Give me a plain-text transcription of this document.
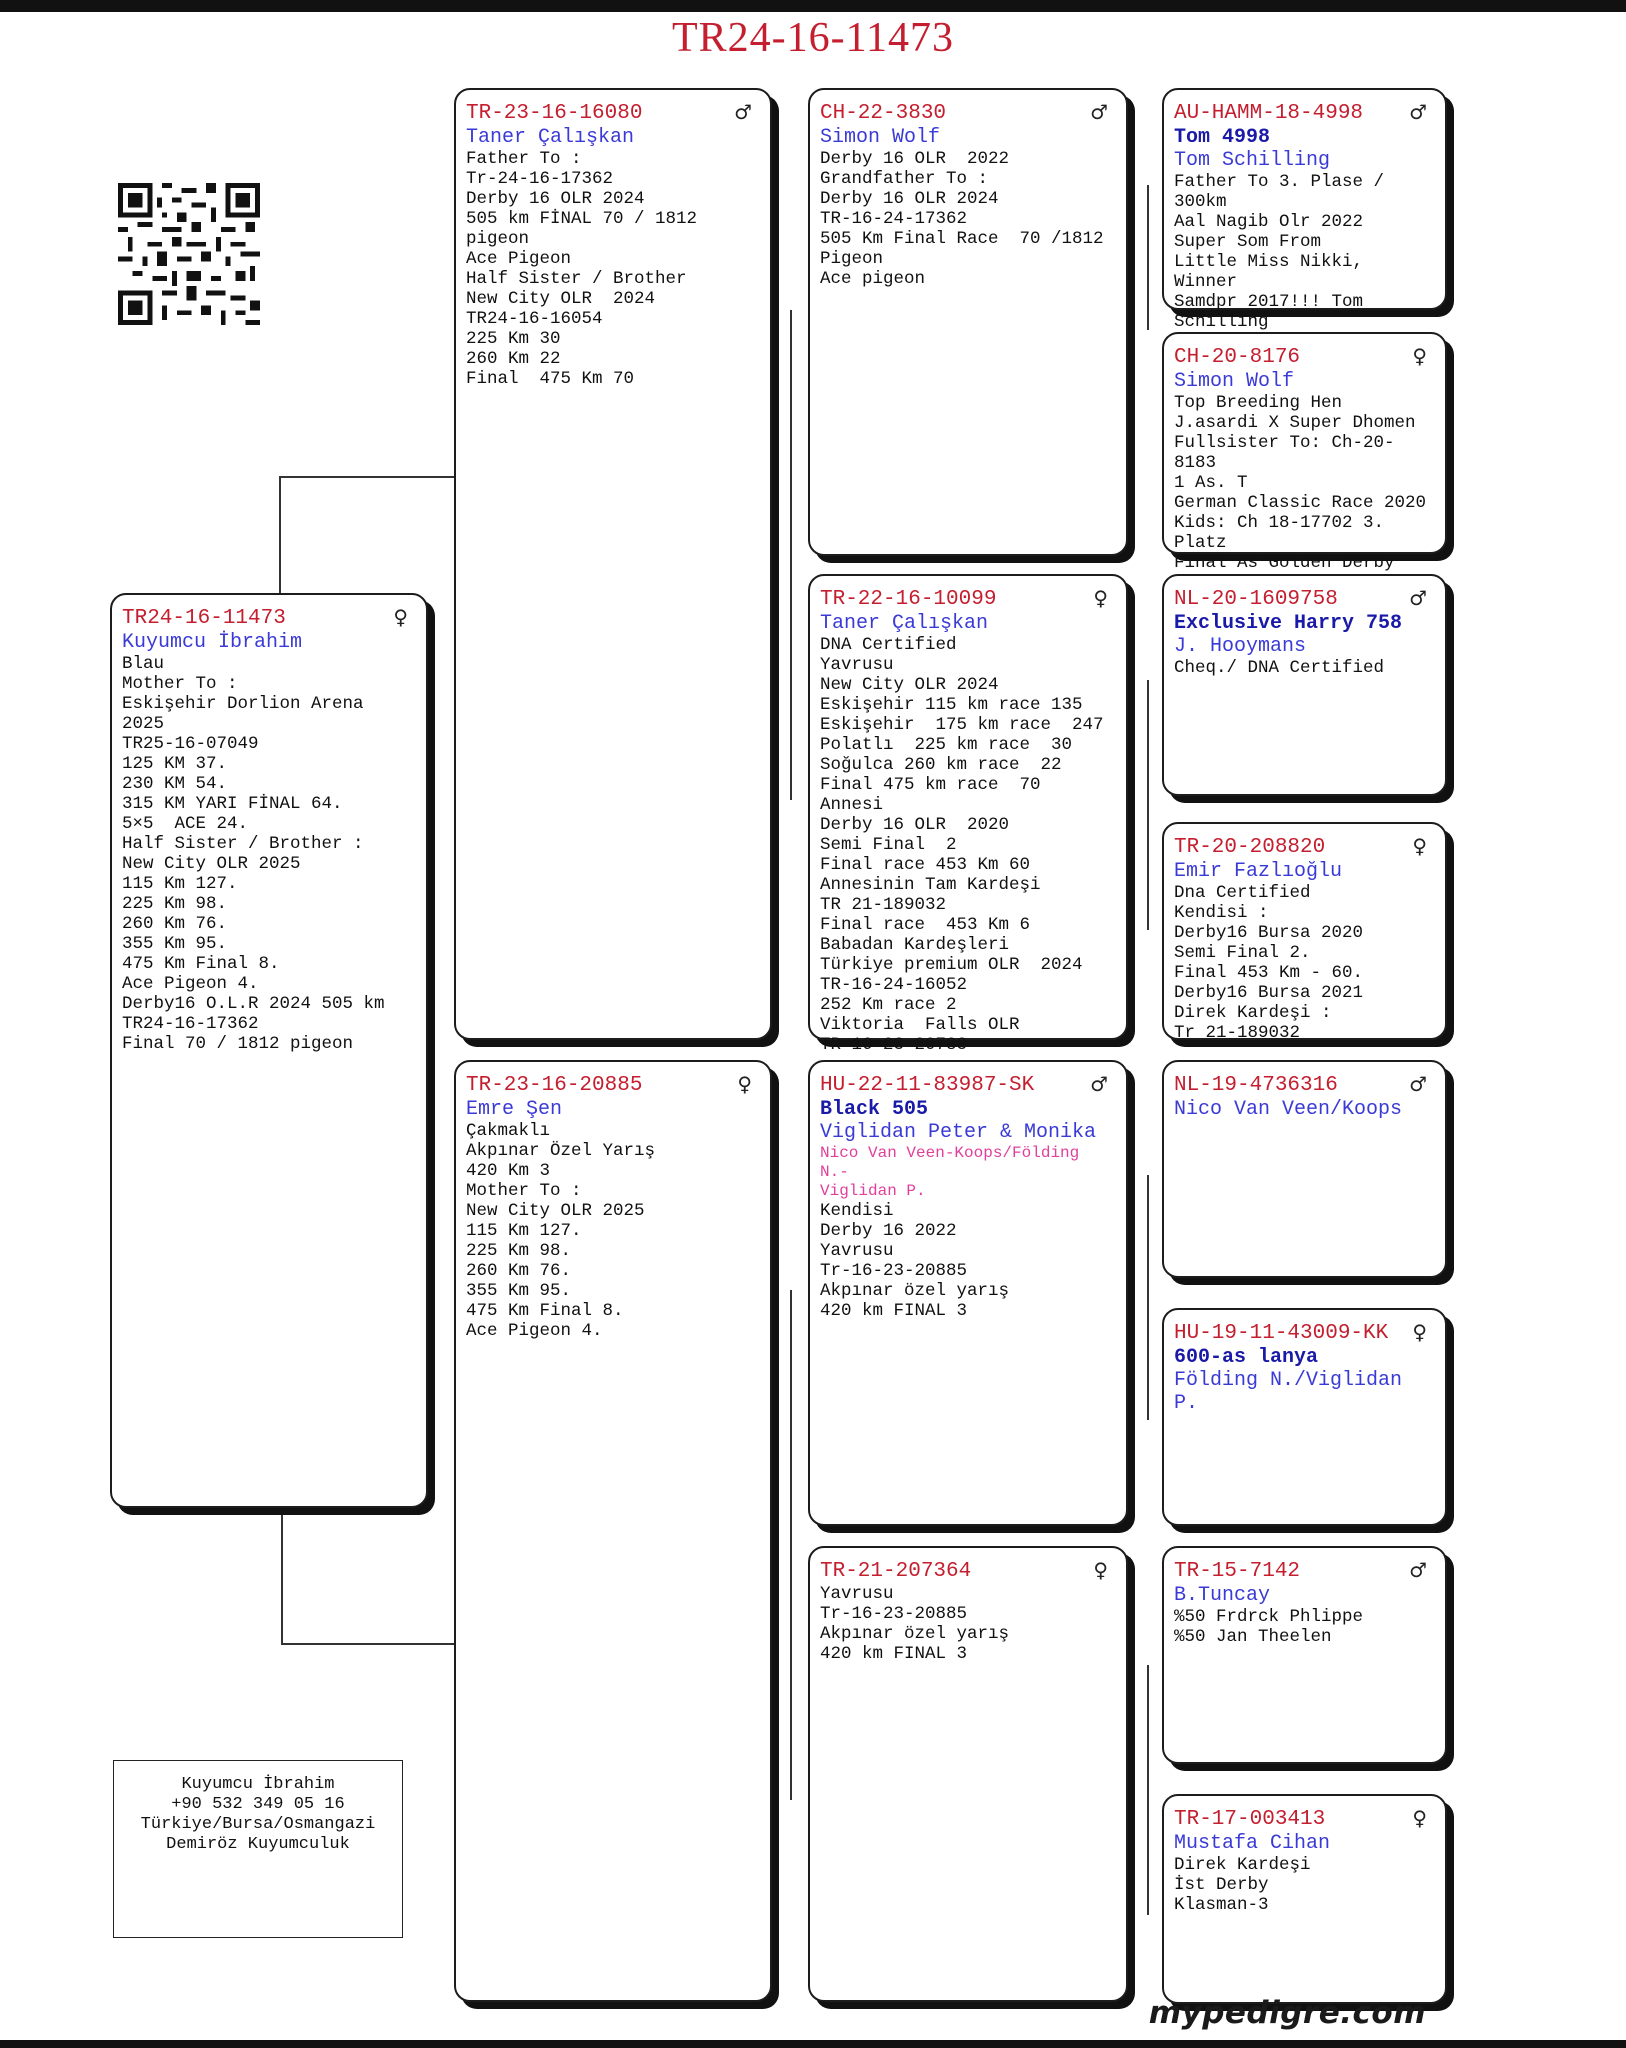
TR24-16-11473
♀
TR24-16-11473
Kuyumcu İbrahim
Blau
Mother To :
Eskişehir Dorlion Arena 2025
TR25-16-07049
125 KM 37.
230 KM 54.
315 KM YARI FİNAL 64.
5×5  ACE 24.
Half Sister / Brother :
New City OLR 2025
115 Km 127.
225 Km 98.
260 Km 76.
355 Km 95.
475 Km Final 8.
Ace Pigeon 4.
Derby16 O.L.R 2024 505 km
TR24-16-17362
Final 70 / 1812 pigeon
♂
TR-23-16-16080
Taner Çalışkan
Father To :
Tr-24-16-17362
Derby 16 OLR 2024
505 km FİNAL 70 / 1812
pigeon
Ace Pigeon
Half Sister / Brother
New City OLR  2024
TR24-16-16054
225 Km 30
260 Km 22
Final  475 Km 70
♀
TR-23-16-20885
Emre Şen
Çakmaklı
Akpınar Özel Yarış
420 Km 3
Mother To :
New City OLR 2025
115 Km 127.
225 Km 98.
260 Km 76.
355 Km 95.
475 Km Final 8.
Ace Pigeon 4.
♂
CH-22-3830
Simon Wolf
Derby 16 OLR  2022
Grandfather To :
Derby 16 OLR 2024
TR-16-24-17362
505 Km Final Race  70 /1812
Pigeon
Ace pigeon
♀
TR-22-16-10099
Taner Çalışkan
DNA Certified
Yavrusu
New City OLR 2024
Eskişehir 115 km race 135
Eskişehir  175 km race  247
Polatlı  225 km race  30
Soğulca 260 km race  22
Final 475 km race  70
Annesi
Derby 16 OLR  2020
Semi Final  2
Final race 453 Km 60
Annesinin Tam Kardeşi
TR 21-189032
Final race  453 Km 6
Babadan Kardeşleri
Türkiye premium OLR  2024
TR-16-24-16052
252 Km race 2
Viktoria  Falls OLR
TR-16-23-20783
♂
HU-22-11-83987-SK
Black 505
Viglidan Peter & Monika
Nico Van Veen-Koops/Földing N.-
Viglidan P.
Kendisi
Derby 16 2022
Yavrusu
Tr-16-23-20885
Akpınar özel yarış
420 km FINAL 3
♀
TR-21-207364
Yavrusu
Tr-16-23-20885
Akpınar özel yarış
420 km FINAL 3
♂
AU-HAMM-18-4998
Tom 4998
Tom Schilling
Father To 3. Plase /
300km
Aal Nagib Olr 2022
Super Som From
Little Miss Nikki, Winner
Samdpr 2017!!! Tom
Schilling
♀
CH-20-8176
Simon Wolf
Top Breeding Hen
J.asardi X Super Dhomen
Fullsister To: Ch-20-8183
1 As. T
German Classic Race 2020
Kids: Ch 18-17702 3.
Platz
Final As Golden Derby
♂
NL-20-1609758
Exclusive Harry 758
J. Hooymans
Cheq./ DNA Certified
♀
TR-20-208820
Emir Fazlıoğlu
Dna Certified
Kendisi :
Derby16 Bursa 2020
Semi Final 2.
Final 453 Km - 60.
Derby16 Bursa 2021
Direk Kardeşi :
Tr 21-189032
♂
NL-19-4736316
Nico Van Veen/Koops
♀
HU-19-11-43009-KK
600-as lanya
Földing N./Viglidan P.
♂
TR-15-7142
B.Tuncay
%50 Frdrck Phlippe
%50 Jan Theelen
♀
TR-17-003413
Mustafa Cihan
Direk Kardeşi
İst Derby
Klasman-3
Kuyumcu İbrahim
+90 532 349 05 16
Türkiye/Bursa/Osmangazi
Demiröz Kuyumculuk
mypedigre.com
